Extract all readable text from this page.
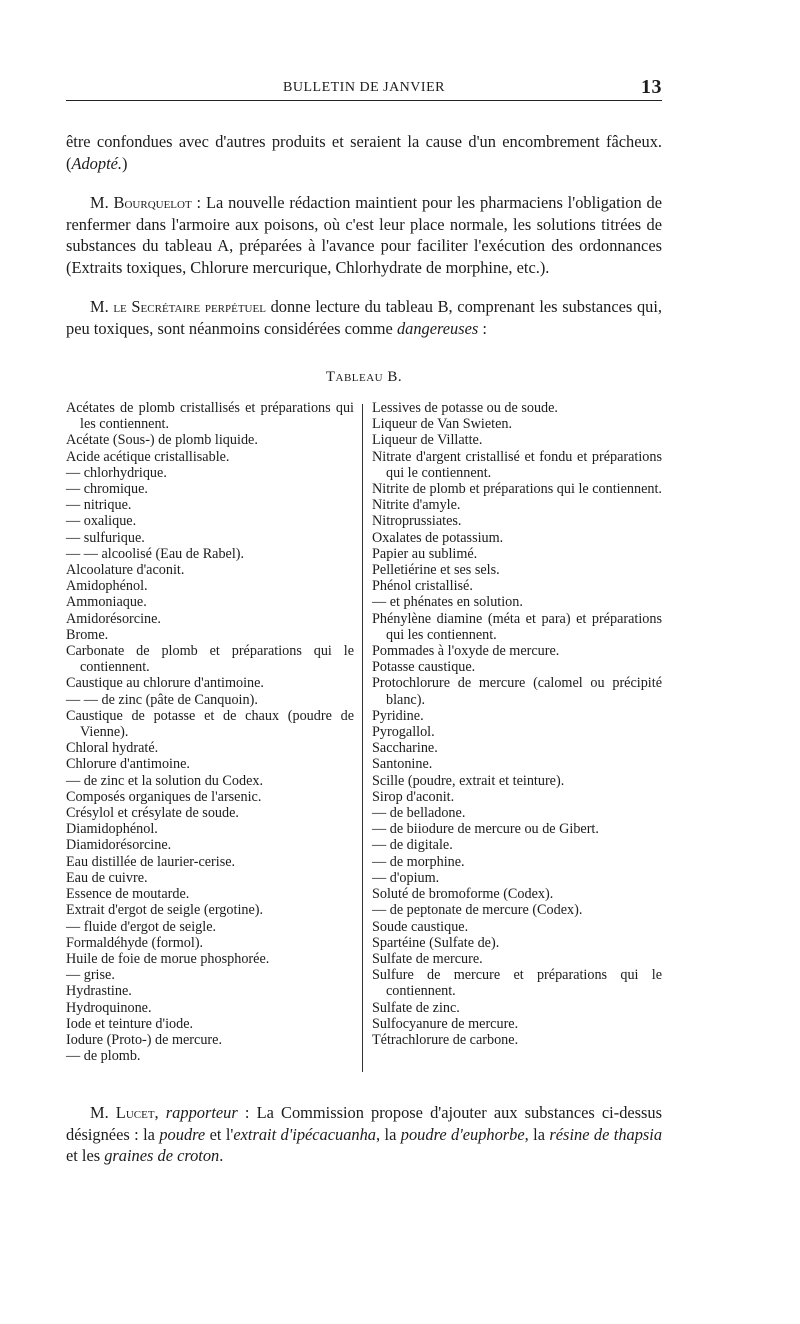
BULLETIN DE JANVIER	13

être confondues avec d'autres produits et seraient la cause d'un encombrement fâcheux. (Adopté.)

M. Bourquelot : La nouvelle rédaction maintient pour les pharmaciens l'obligation de renfermer dans l'armoire aux poisons, où c'est leur place normale, les solutions titrées de substances du tableau A, préparées à l'avance pour faciliter l'exécution des ordonnances (Extraits toxiques, Chlorure mercurique, Chlorhydrate de morphine, etc.).

M. le Secrétaire perpétuel donne lecture du tableau B, comprenant les substances qui, peu toxiques, sont néanmoins considérées comme dangereuses :

Tableau B.
Acétates de plomb cristallisés et préparations qui les contiennent.
Acétate (Sous-) de plomb liquide.
Acide acétique cristallisable.
— chlorhydrique.
— chromique.
— nitrique.
— oxalique.
— sulfurique.
— — alcoolisé (Eau de Rabel).
Alcoolature d'aconit.
Amidophénol.
Ammoniaque.
Amidorésorcine.
Brome.
Carbonate de plomb et préparations qui le contiennent.
Caustique au chlorure d'antimoine.
— — de zinc (pâte de Canquoin).
Caustique de potasse et de chaux (poudre de Vienne).
Chloral hydraté.
Chlorure d'antimoine.
— de zinc et la solution du Codex.
Composés organiques de l'arsenic.
Crésylol et crésylate de soude.
Diamidophénol.
Diamidorésorcine.
Eau distillée de laurier-cerise.
Eau de cuivre.
Essence de moutarde.
Extrait d'ergot de seigle (ergotine).
— fluide d'ergot de seigle.
Formaldéhyde (formol).
Huile de foie de morue phosphorée.
— grise.
Hydrastine.
Hydroquinone.
Iode et teinture d'iode.
Iodure (Proto-) de mercure.
— de plomb.
Lessives de potasse ou de soude.
Liqueur de Van Swieten.
Liqueur de Villatte.
Nitrate d'argent cristallisé et fondu et préparations qui le contiennent.
Nitrite de plomb et préparations qui le contiennent.
Nitrite d'amyle.
Nitroprussiates.
Oxalates de potassium.
Papier au sublimé.
Pelletiérine et ses sels.
Phénol cristallisé.
— et phénates en solution.
Phénylène diamine (méta et para) et préparations qui les contiennent.
Pommades à l'oxyde de mercure.
Potasse caustique.
Protochlorure de mercure (calomel ou précipité blanc).
Pyridine.
Pyrogallol.
Saccharine.
Santonine.
Scille (poudre, extrait et teinture).
Sirop d'aconit.
— de belladone.
— de biiodure de mercure ou de Gibert.
— de digitale.
— de morphine.
— d'opium.
Soluté de bromoforme (Codex).
— de peptonate de mercure (Codex).
Soude caustique.
Spartéine (Sulfate de).
Sulfate de mercure.
Sulfure de mercure et préparations qui le contiennent.
Sulfate de zinc.
Sulfocyanure de mercure.
Tétrachlorure de carbone.

M. Lucet, rapporteur : La Commission propose d'ajouter aux substances ci-dessus désignées : la poudre et l'extrait d'ipécacuanha, la poudre d'euphorbe, la résine de thapsia et les graines de croton.
